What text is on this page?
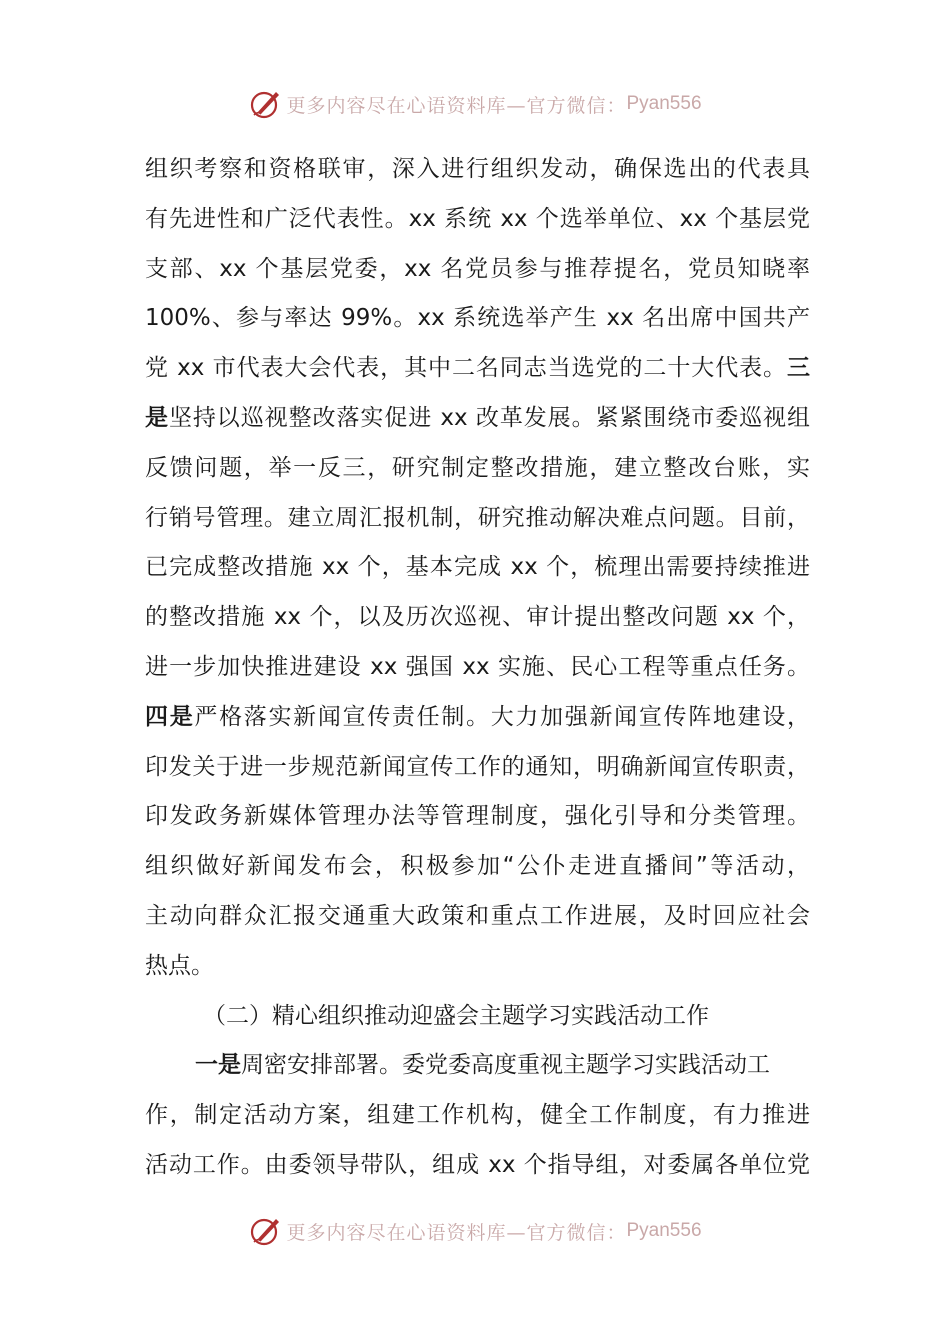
更多内容尽在心语资料库—官方微信： Pyan556
组织考察和资格联审，深入进行组织发动，确保选出的代表具
有先进性和广泛代表性。xx 系统 xx 个选举单位、xx 个基层党
支部、xx 个基层党委，xx 名党员参与推荐提名，党员知晓率
100%、参与率达 99%。xx 系统选举产生 xx 名出席中国共产
党 xx 市代表大会代表，其中二名同志当选党的二十大代表。三
是坚持以巡视整改落实促进 xx 改革发展。紧紧围绕市委巡视组
反馈问题，举一反三，研究制定整改措施，建立整改台账，实
行销号管理。建立周汇报机制，研究推动解决难点问题。目前，
已完成整改措施 xx 个，基本完成 xx 个，梳理出需要持续推进
的整改措施 xx 个，以及历次巡视、审计提出整改问题 xx 个，
进一步加快推进建设 xx 强国 xx 实施、民心工程等重点任务。
四是严格落实新闻宣传责任制。大力加强新闻宣传阵地建设，
印发关于进一步规范新闻宣传工作的通知，明确新闻宣传职责，
印发政务新媒体管理办法等管理制度，强化引导和分类管理。
组织做好新闻发布会，积极参加“公仆走进直播间”等活动，
主动向群众汇报交通重大政策和重点工作进展，及时回应社会
热点。
（二）精心组织推动迎盛会主题学习实践活动工作
一是周密安排部署。委党委高度重视主题学习实践活动工
作，制定活动方案，组建工作机构，健全工作制度，有力推进
活动工作。由委领导带队，组成 xx 个指导组，对委属各单位党
更多内容尽在心语资料库—官方微信： Pyan556
